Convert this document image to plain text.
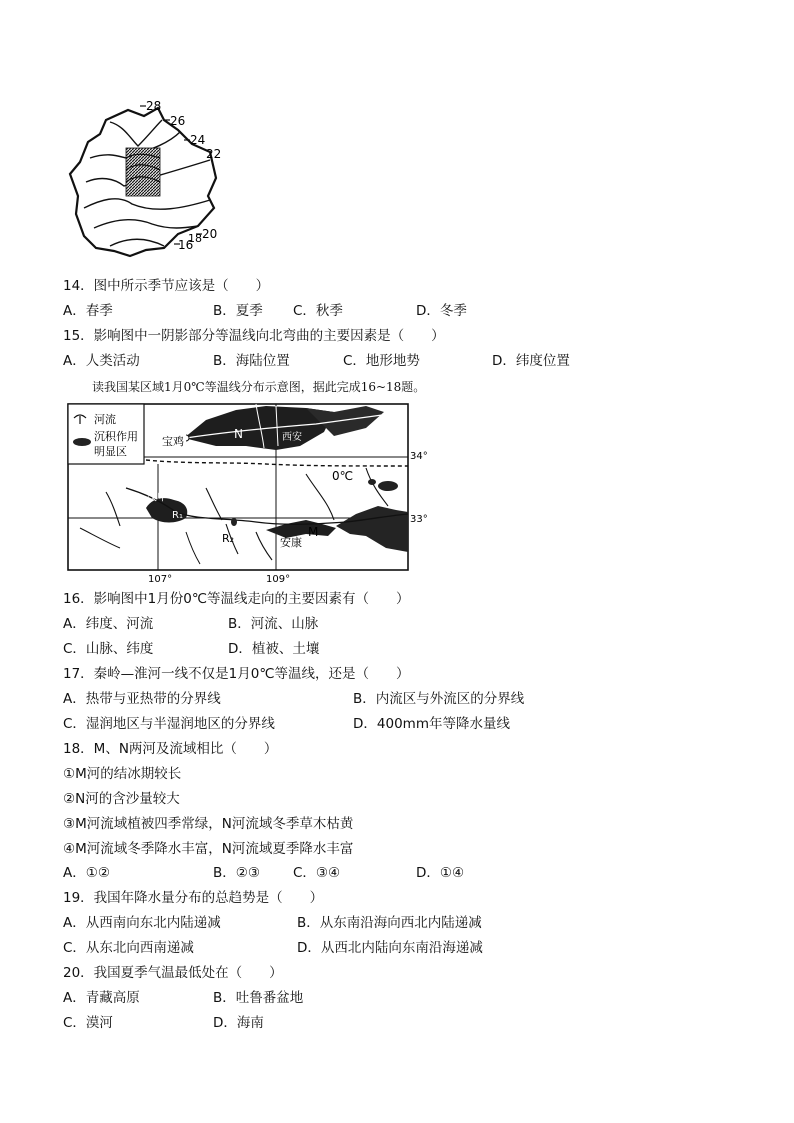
28
26
24
22
20
18
16
14．图中所示季节应该是（　　）
A．春季	B．夏季 C．秋季	D．冬季
15．影响图中一阴影部分等温线向北弯曲的主要因素是（　　）
A．人类活动	B．海陆位置	C．地形地势	D．纬度位置
读我国某区域1月0℃等温线分布示意图，据此完成16~18题。
河流
沉积作用
明显区
宝鸡	西安
汉中
安康
N
M
R₁
R₂
0℃
34°
33°
107°	109°
16．影响图中1月份0℃等温线走向的主要因素有（　　）
A．纬度、河流	B．河流、山脉
C．山脉、纬度	D．植被、土壤
17．秦岭—淮河一线不仅是1月0℃等温线，还是（　　）
A．热带与亚热带的分界线	B．内流区与外流区的分界线
C．湿润地区与半湿润地区的分界线	D．400mm年等降水量线
18．M、N两河及流域相比（　　）
①M河的结冰期较长
②N河的含沙量较大
③M河流域植被四季常绿，N河流域冬季草木枯黄
④M河流域冬季降水丰富，N河流域夏季降水丰富
A．①②	B．②③ C．③④	D．①④
19．我国年降水量分布的总趋势是（　　）
A．从西南向东北内陆递减	B．从东南沿海向西北内陆递减
C．从东北向西南递减	D．从西北内陆向东南沿海递减
20．我国夏季气温最低处在（　　）
A．青藏高原	B．吐鲁番盆地
C．漠河	D．海南
